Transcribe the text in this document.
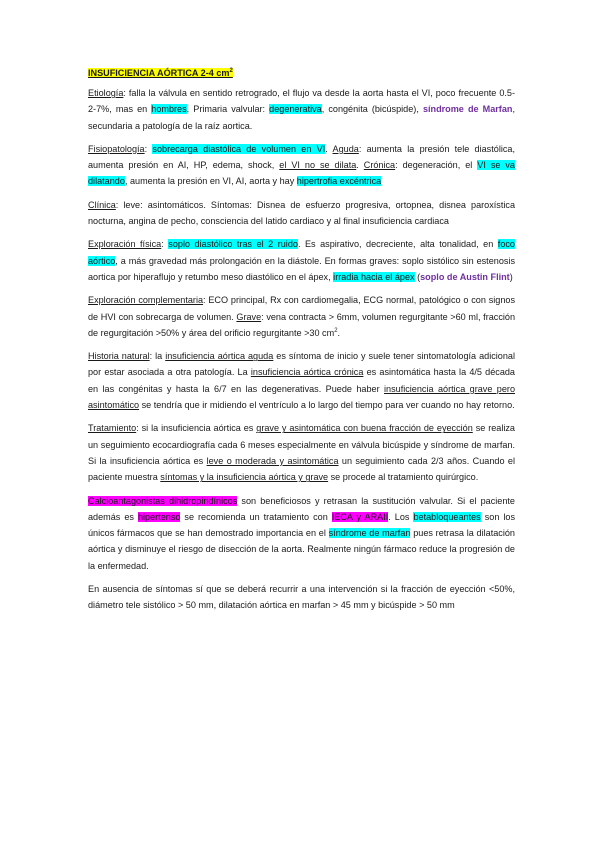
INSUFICIENCIA AÓRTICA 2-4 $cm^2$

Etiología: falla la válvula en sentido retrogrado, el flujo va desde la aorta hasta el VI, poco frecuente 0.5-2-7%, mas en hombres. Primaria valvular: degenerativa, congénita (bicúspide), síndrome de Marfan, secundaria a patología de la raíz aortica.

Fisiopatología: sobrecarga diastólica de volumen en VI. Aguda: aumenta la presión tele diastólica, aumenta presión en AI, HP, edema, shock, el VI no se dilata. Crónica: degeneración, el VI se va dilatando, aumenta la presión en VI, AI, aorta y hay hipertrofia excéntrica

Clínica: leve: asintomáticos. Síntomas: Disnea de esfuerzo progresiva, ortopnea, disnea paroxística nocturna, angina de pecho, consciencia del latido cardiaco y al final insuficiencia cardiaca

Exploración física: soplo diastólico tras el 2 ruido. Es aspirativo, decreciente, alta tonalidad, en foco aórtico, a más gravedad más prolongación en la diástole. En formas graves: soplo sistólico sin estenosis aortica por hiperaflujo y retumbo meso diastólico en el ápex, irradia hacia el ápex (soplo de Austin Flint)

Exploración complementaria: ECO principal, Rx con cardiomegalia, ECG normal, patológico o con signos de HVI con sobrecarga de volumen. Grave: vena contracta > 6mm, volumen regurgitante >60 ml, fracción de regurgitación >50% y área del orificio regurgitante >30 $cm^2$.

Historia natural: la insuficiencia aórtica aguda es síntoma de inicio y suele tener sintomatología adicional por estar asociada a otra patología. La insuficiencia aórtica crónica es asintomática hasta la 4/5 década en las congénitas y hasta la 6/7 en las degenerativas. Puede haber insuficiencia aórtica grave pero asintomático se tendría que ir midiendo el ventrículo a lo largo del tiempo para ver cuando no hay retorno.

Tratamiento: si la insuficiencia aórtica es grave y asintomática con buena fracción de eyección se realiza un seguimiento ecocardiografía cada 6 meses especialmente en válvula bicúspide y síndrome de marfan. Si la insuficiencia aórtica es leve o moderada y asintomática un seguimiento cada 2/3 años. Cuando el paciente muestra síntomas y la insuficiencia aórtica y grave se procede al tratamiento quirúrgico.

Calcioantagonistas dihidropiridínicos son beneficiosos y retrasan la sustitución valvular. Si el paciente además es hipertenso se recomienda un tratamiento con IECA y ARAII. Los betabloqueantes son los únicos fármacos que se han demostrado importancia en el síndrome de marfan pues retrasa la dilatación aórtica y disminuye el riesgo de disección de la aorta. Realmente ningún fármaco reduce la progresión de la enfermedad.

En ausencia de síntomas sí que se deberá recurrir a una intervención si la fracción de eyección <50%, diámetro tele sistólico > 50 mm, dilatación aórtica en marfan > 45 mm y bicúspide > 50 mm
